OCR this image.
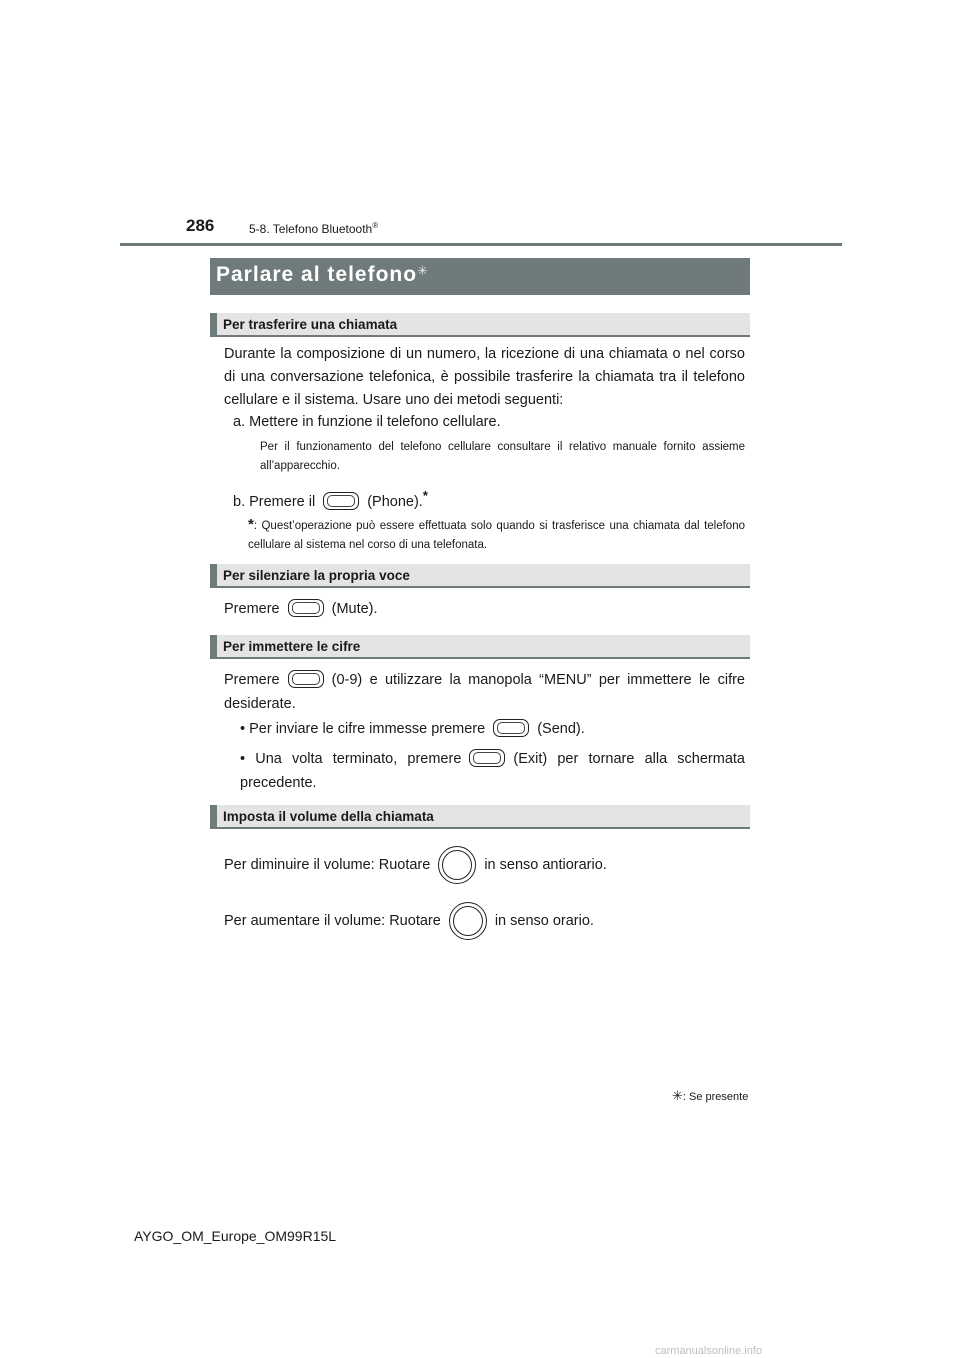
286	5-8. Telefono Bluetooth®
Parlare al telefono✳
Per trasferire una chiamata
Durante la composizione di un numero, la ricezione di una chiamata o nel corso di una conversazione telefonica, è possibile trasferire la chiamata tra il telefono cellulare e il sistema. Usare uno dei metodi seguenti:
a. Mettere in funzione il telefono cellulare.
Per il funzionamento del telefono cellulare consultare il relativo manuale fornito assieme all’apparecchio.
b. Premere il	(Phone).*
*: Quest’operazione può essere effettuata solo quando si trasferisce una chiamata dal telefono cellulare al sistema nel corso di una telefonata.
Per silenziare la propria voce
Premere	(Mute).
Per immettere le cifre
Premere	(0-9) e utilizzare la manopola “MENU” per immettere le cifre desiderate.
• Per inviare le cifre immesse premere	(Send).
• Una volta terminato, premere	(Exit) per tornare alla schermata precedente.
Imposta il volume della chiamata
Per diminuire il volume: Ruotare	in senso antiorario.
Per aumentare il volume: Ruotare	in senso orario.
✳: Se presente
AYGO_OM_Europe_OM99R15L
carmanualsonline.info
